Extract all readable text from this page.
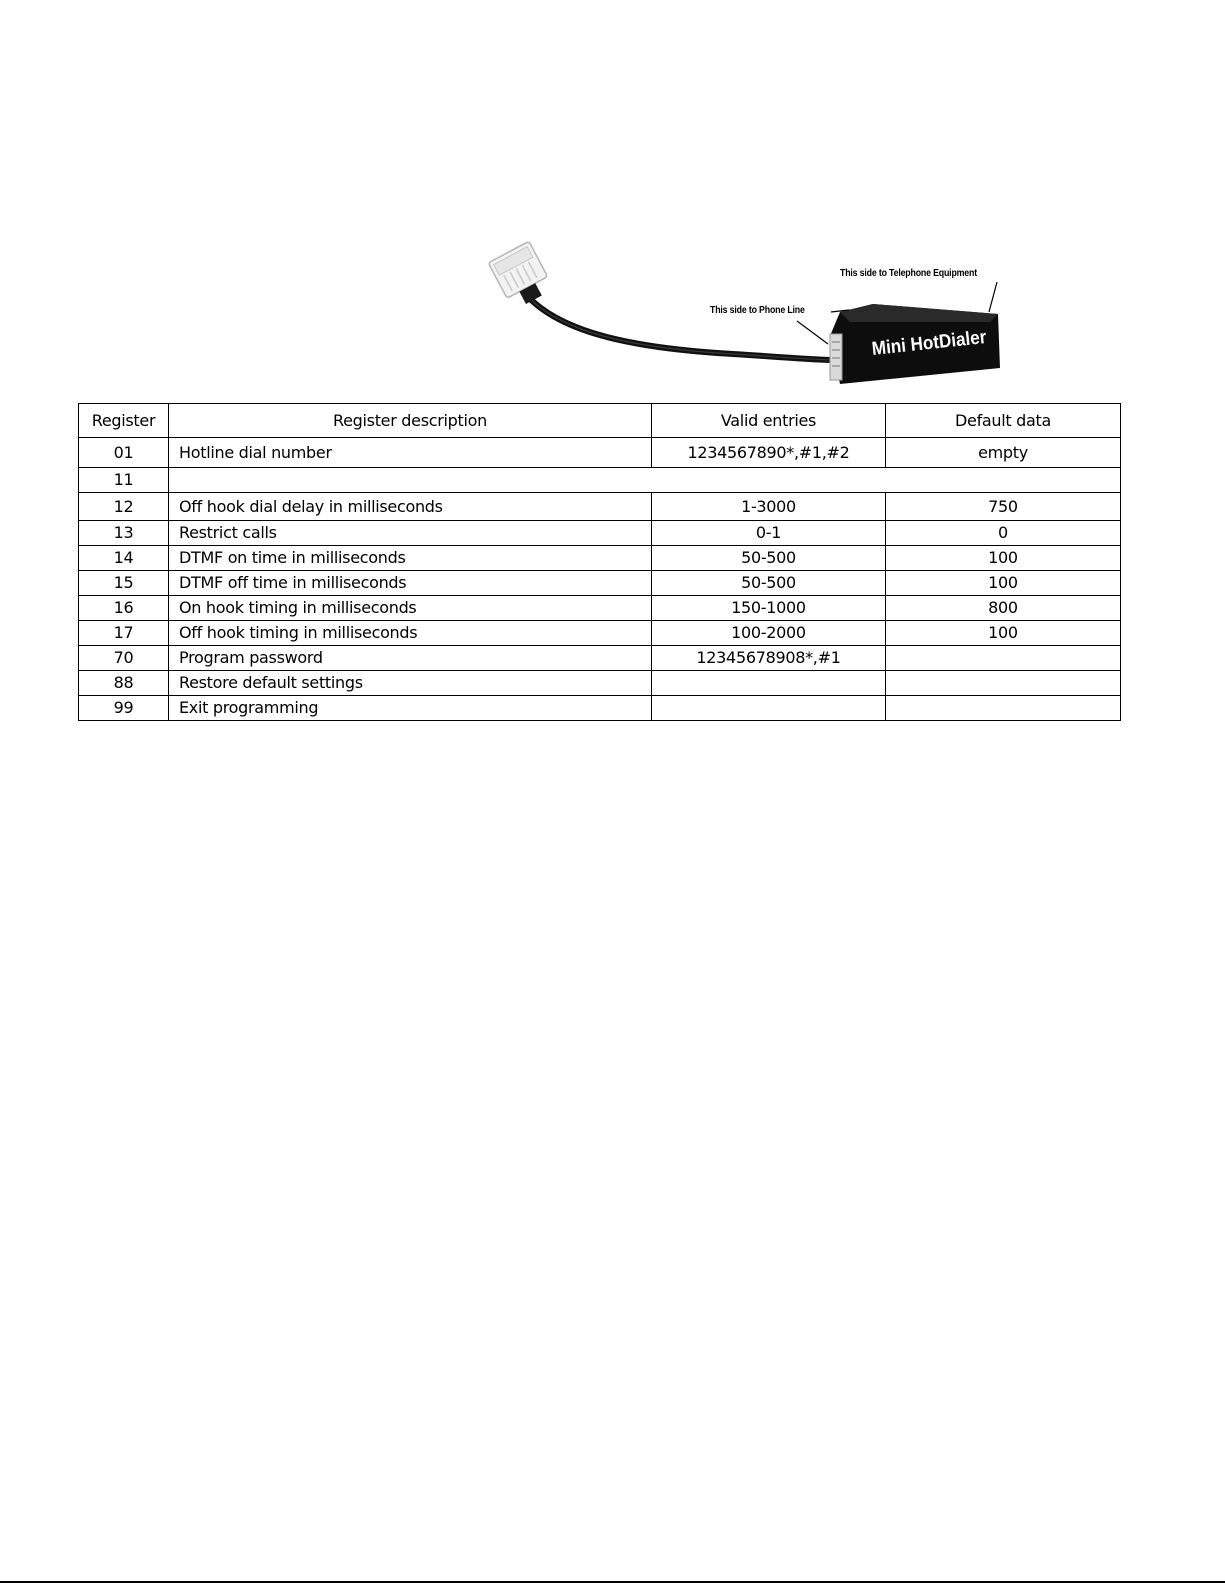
This side to Telephone Equipment
This side to Phone Line
Mini HotDialer
Register	Register description	Valid entries	Default data
01	Hotline dial number	1234567890*,#1,#2	empty
11			
12	Off hook dial delay in milliseconds	1-3000	750
13	Restrict calls	0-1	0
14	DTMF on time in milliseconds	50-500	100
15	DTMF off time in milliseconds	50-500	100
16	On hook timing in milliseconds	150-1000	800
17	Off hook timing in milliseconds	100-2000	100
70	Program password	12345678908*,#1	
88	Restore default settings		
99	Exit programming		
